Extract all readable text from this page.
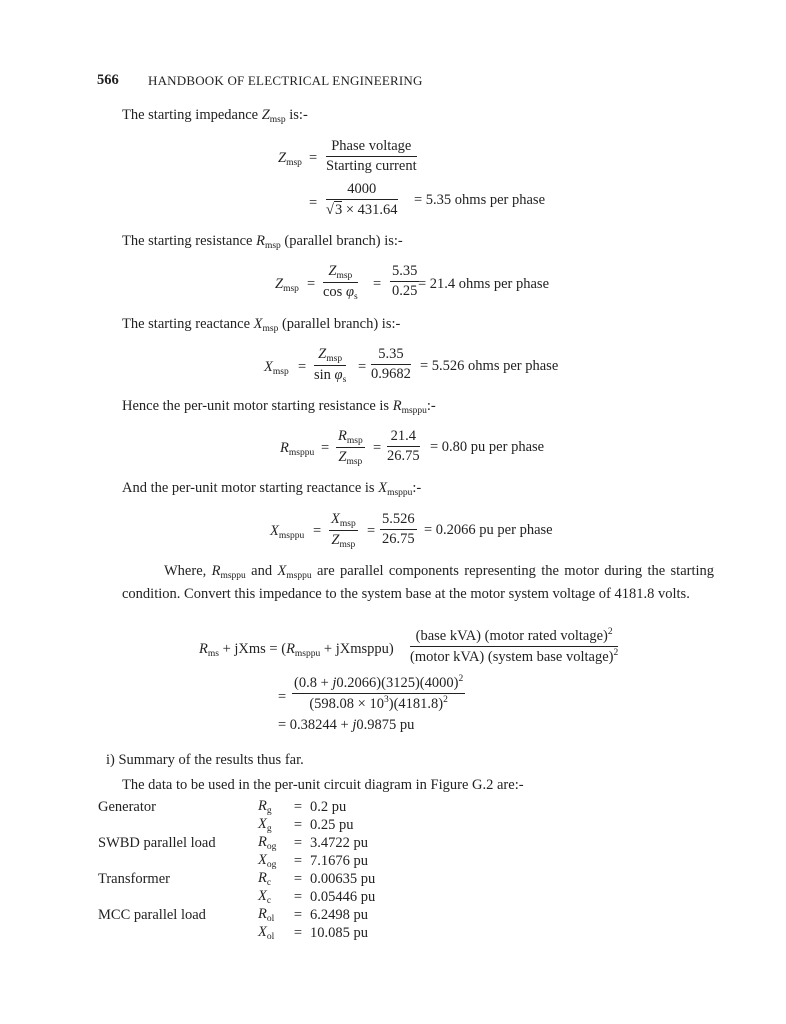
566 HANDBOOK OF ELECTRICAL ENGINEERING
The starting impedance $Z_{msp}$ is:-
$Z_{msp}$ =
Phase voltage
Starting current
= $\frac{4000}{√3 \times 431.64} = 5.35$ ohms per phase
The starting resistance $R_{msp}$ (parallel branch) is:-
$Z_{msp}$ =
$Z_{msp}$
$\cos \varphi_s$
= $\frac{5.35}{0.25}$
= 21.4 ohms per phase
The starting reactance $X_{msp}$ (parallel branch) is:-
$X_{msp}$ =
$Z_{msp}$
$\sin \varphi_s$
= $\frac{5.35}{0.9682} = 5.526$ ohms per phase
Hence the per-unit motor starting resistance is $R_{msppu}:-$
$R_{msppu}$ =
$R_{msp}$
$Z_{msp}$
= $\frac{21.4}{26.75} = 0.80$ pu per phase
And the per-unit motor starting reactance is $X_{msppu}:-$
$X_{msppu}$ =
$X_{msp}$
$Z_{msp}$
= $\frac{5.526}{26.75} = 0.2066$ pu per phase
Where, $R_{msppu}$ and $X_{msppu}$ are parallel components representing the motor during the starting condition. Convert this impedance to the system base at the motor system voltage of 4181.8 volts.
$R_{ms}$ + jXms = ($R_{msppu}$ + jXmsppu)
(base kVA) (motor rated voltage)$^2$
(motor kVA) (system base voltage)$^2$
= $\frac{(0.8 + j0.2066)(3125)(4000)^2}{(598.08 \times 10^3)(4181.8)^2}$
= 0.38244 + j0.9875 pu
i) Summary of the results thus far.
The data to be used in the per-unit circuit diagram in Figure G.2 are:-
Generator	$R_g$	=	0.2 pu
	$X_g$	=	0.25 pu
SWBD parallel load	$R_{og}$	=	3.4722 pu
	$X_{og}$	=	7.1676 pu
Transformer	$R_c$	=	0.00635 pu
	$X_c$	=	0.05446 pu
MCC parallel load	$R_{ol}$	=	6.2498 pu
	$X_{ol}$	=	10.085 pu
